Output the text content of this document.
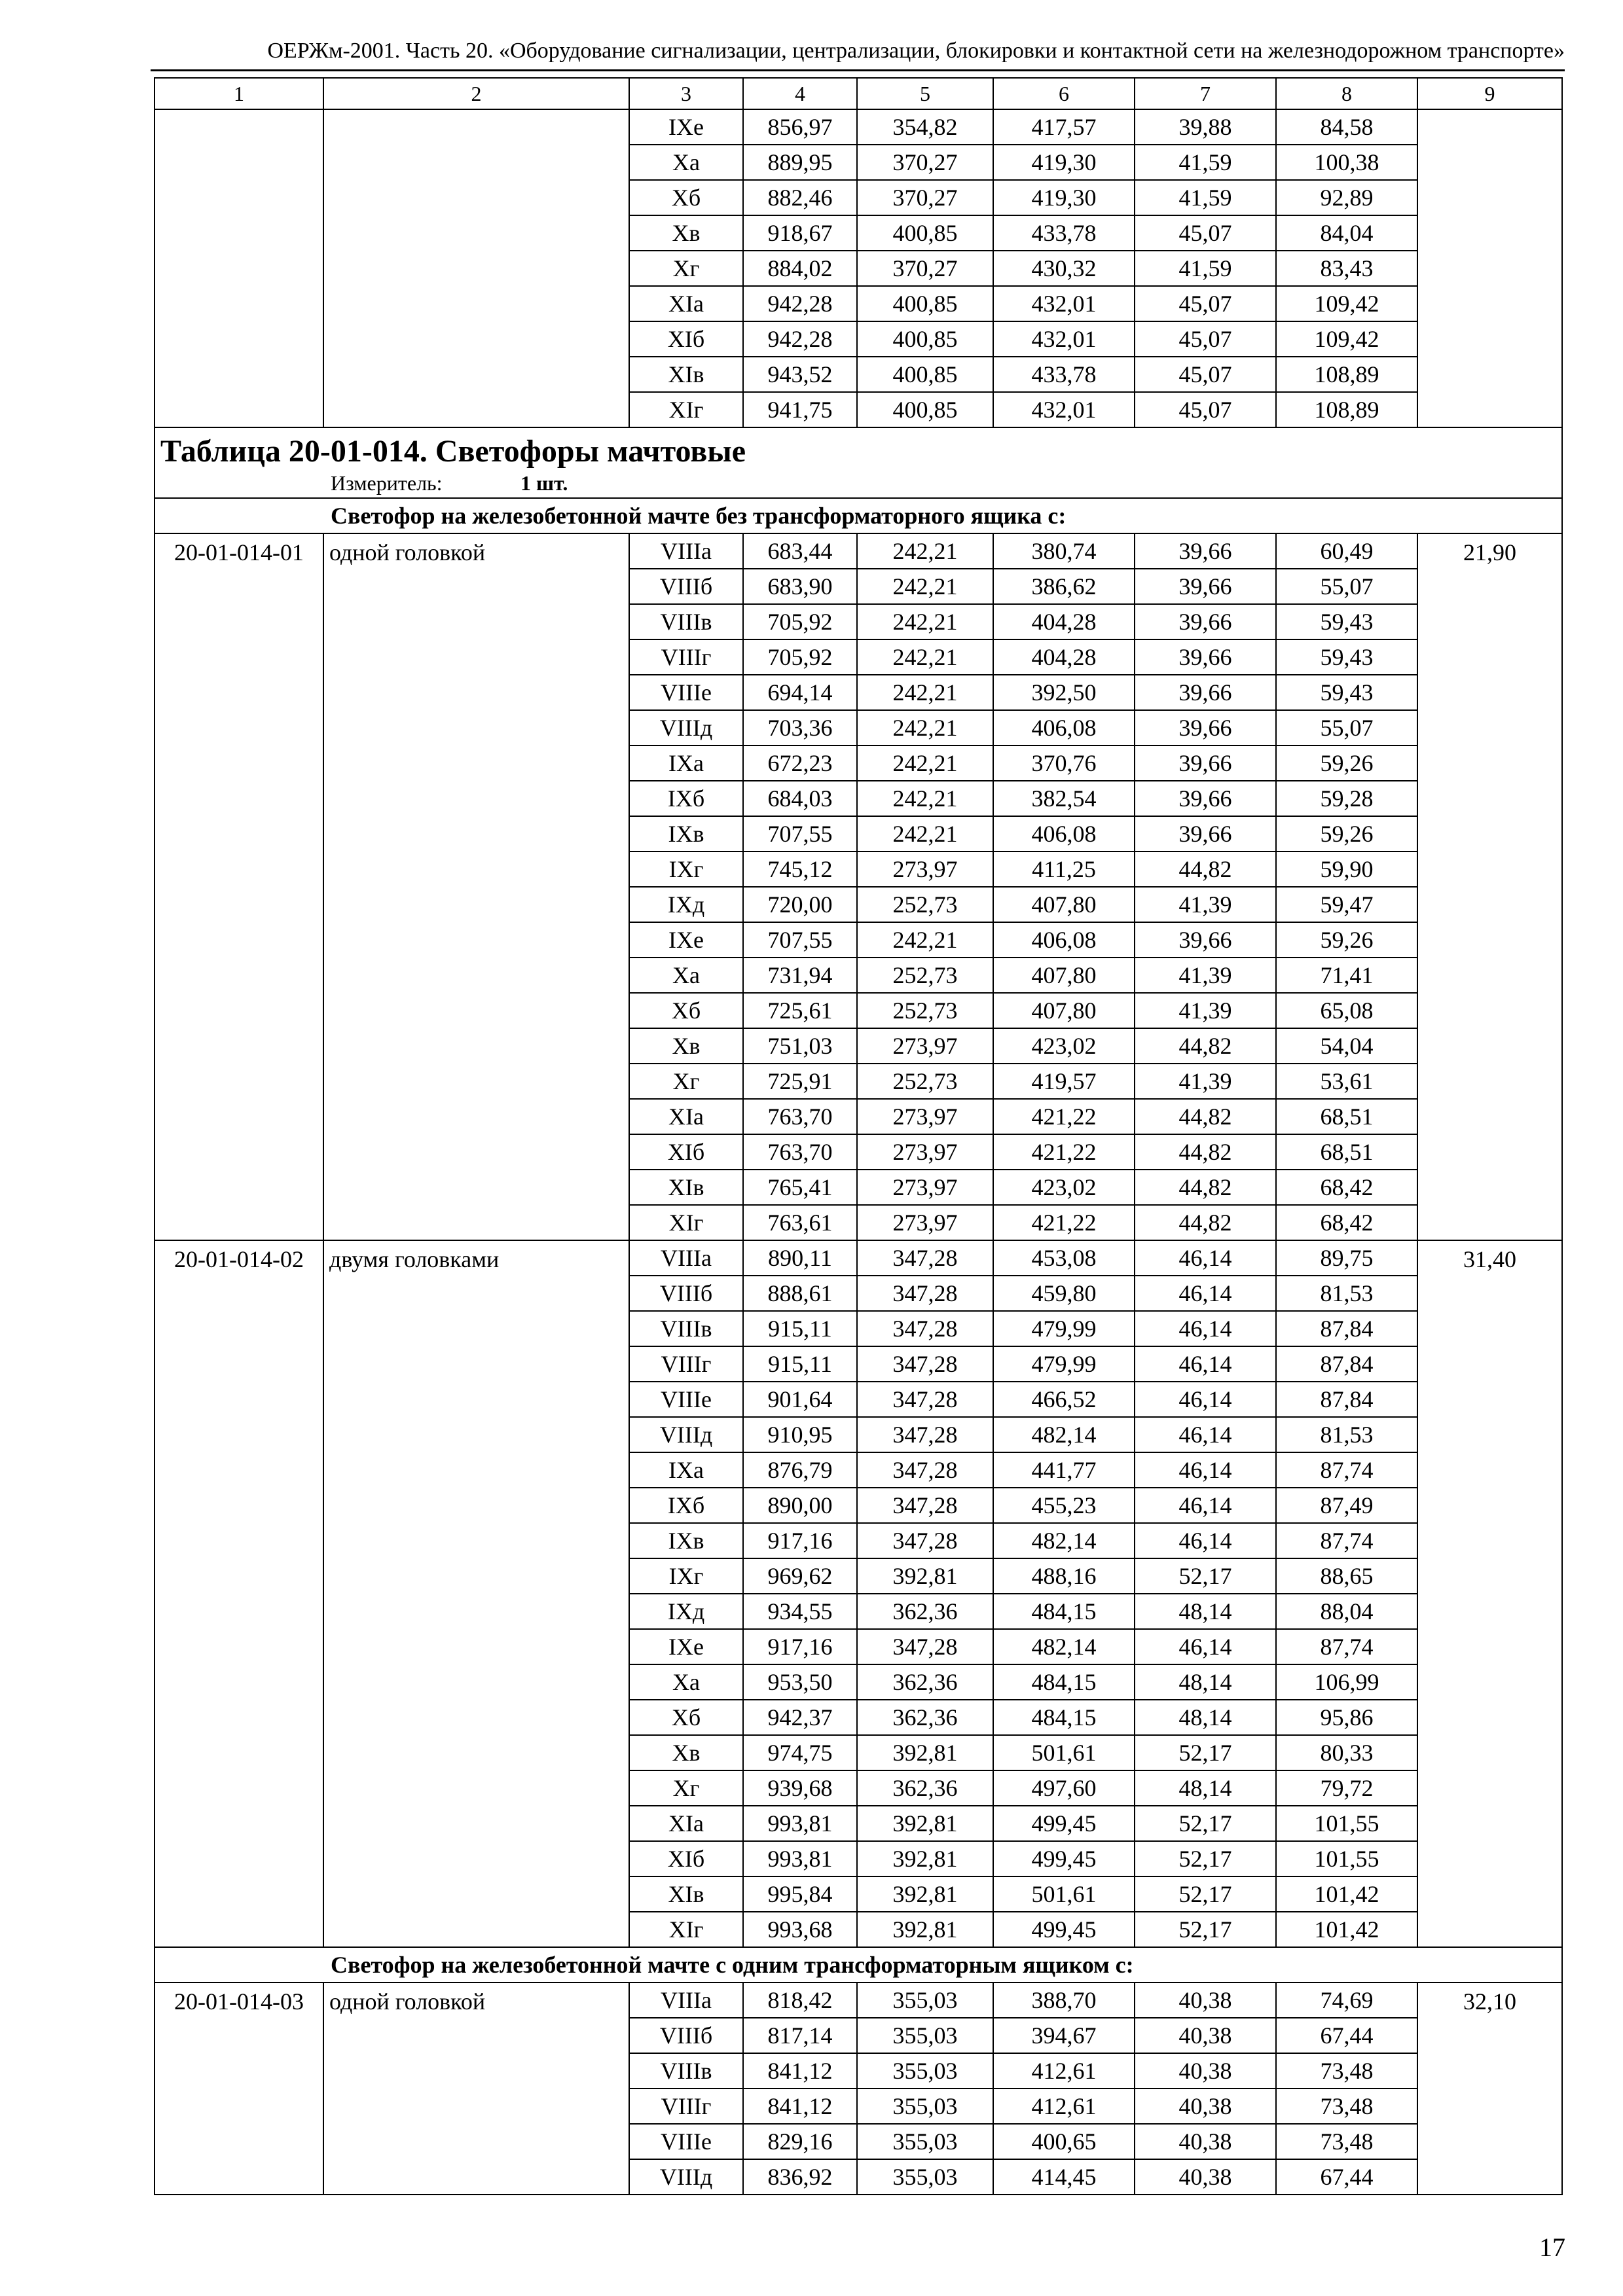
ОЕРЖм-2001. Часть 20. «Оборудование сигнализации, централизации, блокировки и контактной сети на железнодорожном транспорте»
1	2	3	4	5	6	7	8	9
		IXе	856,97	354,82	417,57	39,88	84,58	
		Xа	889,95	370,27	419,30	41,59	100,38	
		Xб	882,46	370,27	419,30	41,59	92,89	
		Xв	918,67	400,85	433,78	45,07	84,04	
		Xг	884,02	370,27	430,32	41,59	83,43	
		XIа	942,28	400,85	432,01	45,07	109,42	
		XIб	942,28	400,85	432,01	45,07	109,42	
		XIв	943,52	400,85	433,78	45,07	108,89	
		XIг	941,75	400,85	432,01	45,07	108,89	
Таблица 20-01-014. Светофоры мачтовые								
Измеритель: 1 шт.								
Светофор на железобетонной мачте без трансформаторного ящика с:								
20-01-014-01	одной головкой	VIIIа	683,44	242,21	380,74	39,66	60,49	21,90
		VIIIб	683,90	242,21	386,62	39,66	55,07	
		VIIIв	705,92	242,21	404,28	39,66	59,43	
		VIIIг	705,92	242,21	404,28	39,66	59,43	
		VIIIе	694,14	242,21	392,50	39,66	59,43	
		VIIIд	703,36	242,21	406,08	39,66	55,07	
		IXа	672,23	242,21	370,76	39,66	59,26	
		IXб	684,03	242,21	382,54	39,66	59,28	
		IXв	707,55	242,21	406,08	39,66	59,26	
		IXг	745,12	273,97	411,25	44,82	59,90	
		IXд	720,00	252,73	407,80	41,39	59,47	
		IXе	707,55	242,21	406,08	39,66	59,26	
		Xа	731,94	252,73	407,80	41,39	71,41	
		Xб	725,61	252,73	407,80	41,39	65,08	
		Xв	751,03	273,97	423,02	44,82	54,04	
		Xг	725,91	252,73	419,57	41,39	53,61	
		XIа	763,70	273,97	421,22	44,82	68,51	
		XIб	763,70	273,97	421,22	44,82	68,51	
		XIв	765,41	273,97	423,02	44,82	68,42	
		XIг	763,61	273,97	421,22	44,82	68,42	
20-01-014-02	двумя головками	VIIIа	890,11	347,28	453,08	46,14	89,75	31,40
		VIIIб	888,61	347,28	459,80	46,14	81,53	
		VIIIв	915,11	347,28	479,99	46,14	87,84	
		VIIIг	915,11	347,28	479,99	46,14	87,84	
		VIIIе	901,64	347,28	466,52	46,14	87,84	
		VIIIд	910,95	347,28	482,14	46,14	81,53	
		IXа	876,79	347,28	441,77	46,14	87,74	
		IXб	890,00	347,28	455,23	46,14	87,49	
		IXв	917,16	347,28	482,14	46,14	87,74	
		IXг	969,62	392,81	488,16	52,17	88,65	
		IXд	934,55	362,36	484,15	48,14	88,04	
		IXе	917,16	347,28	482,14	46,14	87,74	
		Xа	953,50	362,36	484,15	48,14	106,99	
		Xб	942,37	362,36	484,15	48,14	95,86	
		Xв	974,75	392,81	501,61	52,17	80,33	
		Xг	939,68	362,36	497,60	48,14	79,72	
		XIа	993,81	392,81	499,45	52,17	101,55	
		XIб	993,81	392,81	499,45	52,17	101,55	
		XIв	995,84	392,81	501,61	52,17	101,42	
		XIг	993,68	392,81	499,45	52,17	101,42	
Светофор на железобетонной мачте с одним трансформаторным ящиком с:								
20-01-014-03	одной головкой	VIIIа	818,42	355,03	388,70	40,38	74,69	32,10
		VIIIб	817,14	355,03	394,67	40,38	67,44	
		VIIIв	841,12	355,03	412,61	40,38	73,48	
		VIIIг	841,12	355,03	412,61	40,38	73,48	
		VIIIе	829,16	355,03	400,65	40,38	73,48	
		VIIIд	836,92	355,03	414,45	40,38	67,44	
17
